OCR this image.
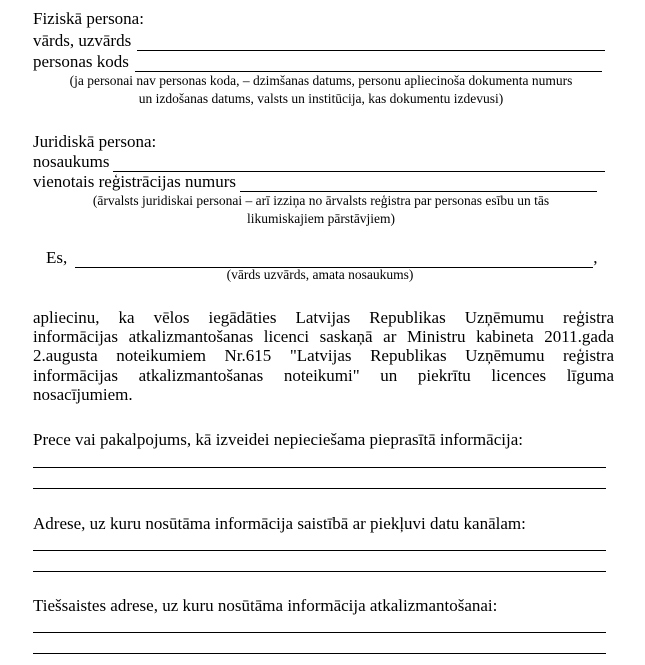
Fiziskā persona:
vārds, uzvārds
personas kods
(ja personai nav personas koda, – dzimšanas datums, personu apliecinoša dokumenta numurs
un izdošanas datums, valsts un institūcija, kas dokumentu izdevusi)
Juridiskā persona:
nosaukums
vienotais reģistrācijas numurs
(ārvalsts juridiskai personai – arī izziņa no ārvalsts reģistra par personas esību un tās
likumiskajiem pārstāvjiem)
Es,	,
(vārds uzvārds, amata nosaukums)
apliecinu, ka vēlos iegādāties Latvijas Republikas Uzņēmumu reģistra
informācijas atkalizmantošanas licenci saskaņā ar Ministru kabineta 2011.gada
2.augusta noteikumiem Nr.615 "Latvijas Republikas Uzņēmumu reģistra
informācijas atkalizmantošanas noteikumi" un piekrītu licences līguma
nosacījumiem.
Prece vai pakalpojums, kā izveidei nepieciešama pieprasītā informācija:
Adrese, uz kuru nosūtāma informācija saistībā ar piekļuvi datu kanālam:
Tiešsaistes adrese, uz kuru nosūtāma informācija atkalizmantošanai:
